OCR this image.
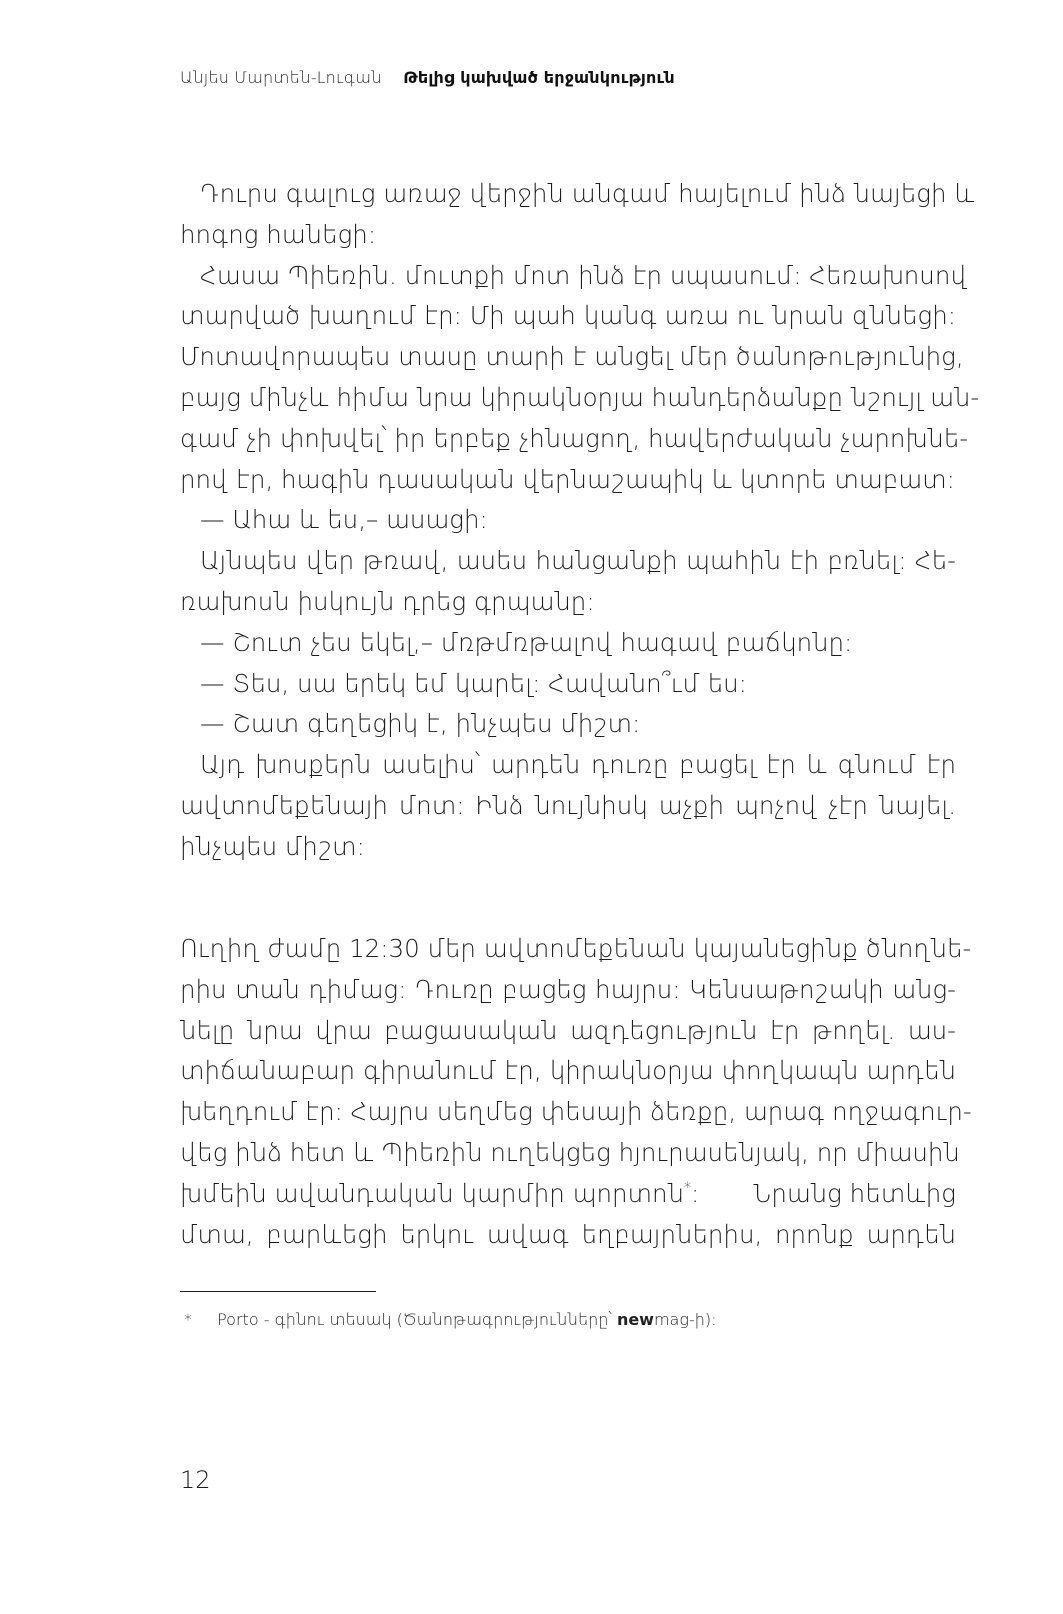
Անյես Մարտեն-Լուգան Թելից կախված երջանկություն
Դուրս գալուց առաջ վերջին անգամ հայելում ինձ նայեցի և
հոգոց հանեցի:
Հասա Պիեռին. մուտքի մոտ ինձ էր սպասում: Հեռախոսով
տարված խաղում էր: Մի պահ կանգ առա ու նրան զննեցի:
Մոտավորապես տասը տարի է անցել մեր ծանոթությունից,
բայց մինչև հիմա նրա կիրակնօրյա հանդերձանքը նշույլ ան-
գամ չի փոխվել՝ իր երբեք չհնացող, հավերժական չարոխնե-
րով էր, հագին դասական վերնաշապիկ և կտորե տաբատ:
— Ահա և ես,– ասացի:
Այնպես վեր թռավ, ասես հանցանքի պահին էի բռնել: Հե-
ռախոսն իսկույն դրեց գրպանը:
— Շուտ չես եկել,– մռթմռթալով հագավ բաճկոնը:
— Տես, սա երեկ եմ կարել: Հավանո՞ւմ ես:
— Շատ գեղեցիկ է, ինչպես միշտ:
Այդ խոսքերն ասելիս՝ արդեն դուռը բացել էր և գնում էր
ավտոմեքենայի մոտ: Ինձ նույնիսկ աչքի պոչով չէր նայել.
ինչպես միշտ:
Ուղիղ ժամը 12:30 մեր ավտոմեքենան կայանեցինք ծնողնե-
րիս տան դիմաց: Դուռը բացեց հայրս: Կենսաթոշակի անց-
նելը նրա վրա բացասական ազդեցություն էր թողել. աս-
տիճանաբար գիրանում էր, կիրակնօրյա փողկապն արդեն
խեղդում էր: Հայրս սեղմեց փեսայի ձեռքը, արագ ողջագուր-
վեց ինձ հետ և Պիեռին ուղեկցեց հյուրասենյակ, որ միասին
խմեին ավանդական կարմիր պորտոն*: Նրանց հետևից
մտա, բարևեցի երկու ավագ եղբայրներիս, որոնք արդեն
* Porto - գինու տեսակ (Ծանոթագրությունները՝ newmag-ի):
12
